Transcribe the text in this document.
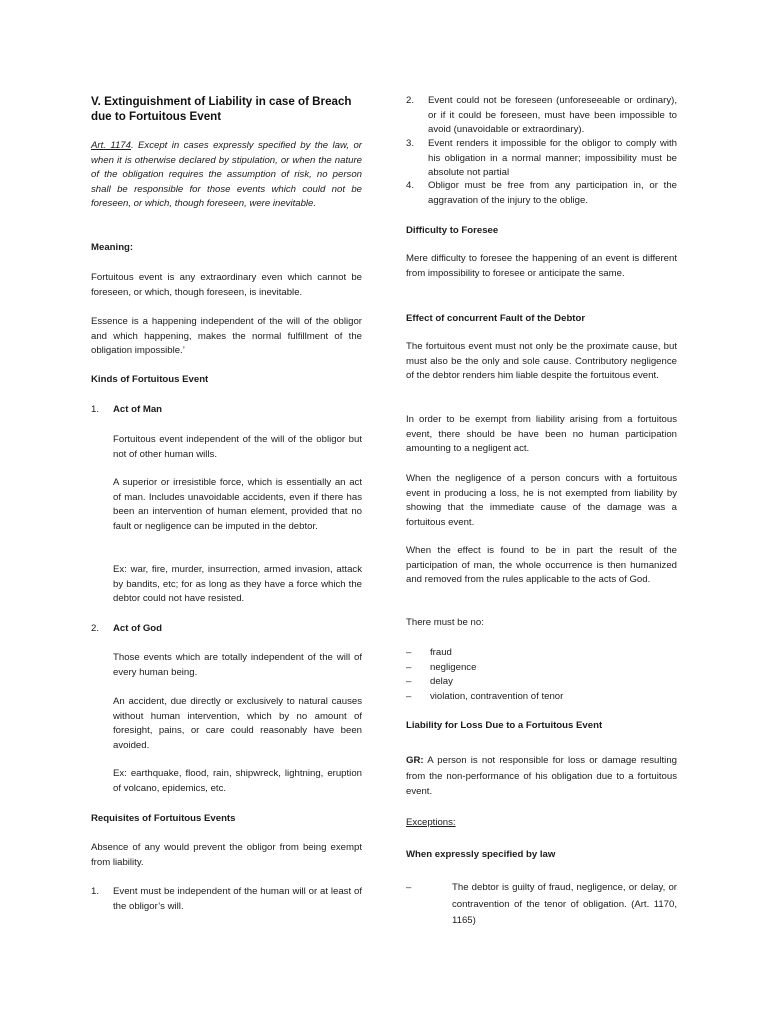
V. Extinguishment of Liability in case of Breach due to Fortuitous Event

Art. 1174. Except in cases expressly specified by the law, or when it is otherwise declared by stipulation, or when the nature of the obligation requires the assumption of risk, no person shall be responsible for those events which could not be foreseen, or which, though foreseen, were inevitable.

Meaning:

Fortuitous event is any extraordinary even which cannot be foreseen, or which, though foreseen, is inevitable.

Essence is a happening independent of the will of the obligor and which happening, makes the normal fulfillment of the obligation impossible.’

Kinds of Fortuitous Event

1. Act of Man

Fortuitous event independent of the will of the obligor but not of other human wills.

A superior or irresistible force, which is essentially an act of man. Includes unavoidable accidents, even if there has been an intervention of human element, provided that no fault or negligence can be imputed in the debtor.

Ex: war, fire, murder, insurrection, armed invasion, attack by bandits, etc; for as long as they have a force which the debtor could not have resisted.

2. Act of God

Those events which are totally independent of the will of every human being.

An accident, due directly or exclusively to natural causes without human intervention, which by no amount of foresight, pains, or care could reasonably have been avoided.

Ex: earthquake, flood, rain, shipwreck, lightning, eruption of volcano, epidemics, etc.

Requisites of Fortuitous Events

Absence of any would prevent the obligor from being exempt from liability.

1. Event must be independent of the human will or at least of the obligor’s will.
2. Event could not be foreseen (unforeseeable or ordinary), or if it could be foreseen, must have been impossible to avoid (unavoidable or extraordinary).
3. Event renders it impossible for the obligor to comply with his obligation in a normal manner; impossibility must be absolute not partial
4. Obligor must be free from any participation in, or the aggravation of the injury to the oblige.

Difficulty to Foresee

Mere difficulty to foresee the happening of an event is different from impossibility to foresee or anticipate the same.

Effect of concurrent Fault of the Debtor

The fortuitous event must not only be the proximate cause, but must also be the only and sole cause. Contributory negligence of the debtor renders him liable despite the fortuitous event.

In order to be exempt from liability arising from a fortuitous event, there should be have been no human participation amounting to a negligent act.

When the negligence of a person concurs with a fortuitous event in producing a loss, he is not exempted from liability by showing that the immediate cause of the damage was a fortuitous event.

When the effect is found to be in part the result of the participation of man, the whole occurrence is then humanized and removed from the rules applicable to the acts of God.

There must be no:

– fraud
– negligence
– delay
– violation, contravention of tenor

Liability for Loss Due to a Fortuitous Event

GR: A person is not responsible for loss or damage resulting from the non-performance of his obligation due to a fortuitous event.

Exceptions:

When expressly specified by law

–	The debtor is guilty of fraud, negligence, or delay, or contravention of the tenor of obligation. (Art. 1170, 1165)
